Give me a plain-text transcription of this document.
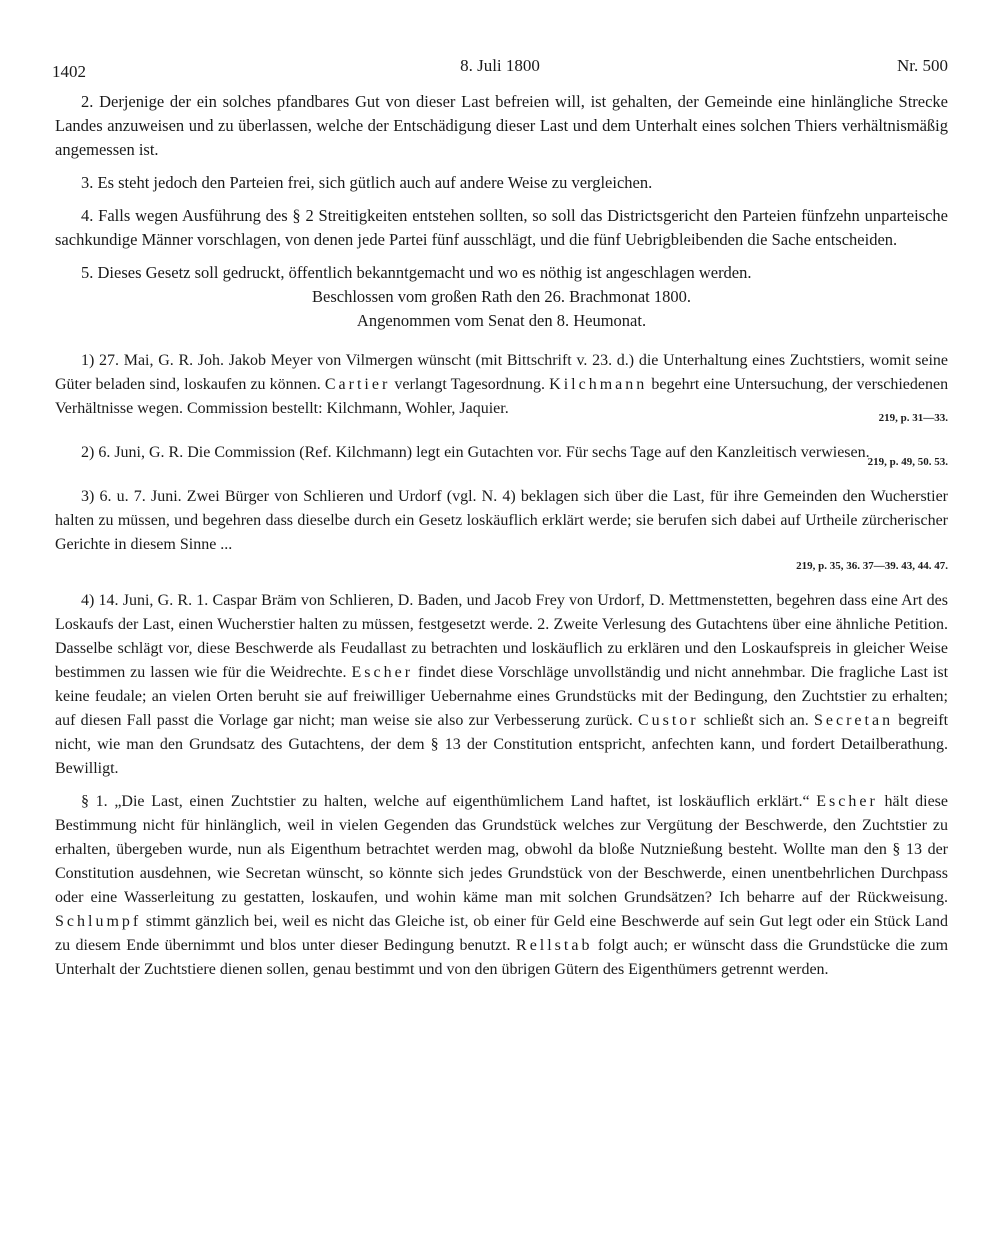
1402	8. Juli 1800	Nr. 500

2. Derjenige der ein solches pfandbares Gut von dieser Last befreien will, ist gehalten, der Gemeinde eine hinlängliche Strecke Landes anzuweisen und zu überlassen, welche der Entschädigung dieser Last und dem Unterhalt eines solchen Thiers verhältnismäßig angemessen ist.

3. Es steht jedoch den Parteien frei, sich gütlich auch auf andere Weise zu vergleichen.

4. Falls wegen Ausführung des § 2 Streitigkeiten entstehen sollten, so soll das Districtsgericht den Parteien fünfzehn unparteische sachkundige Männer vorschlagen, von denen jede Partei fünf ausschlägt, und die fünf Uebrigbleibenden die Sache entscheiden.

5. Dieses Gesetz soll gedruckt, öffentlich bekanntgemacht und wo es nöthig ist angeschlagen werden.

Beschlossen vom großen Rath den 26. Brachmonat 1800.

Angenommen vom Senat den 8. Heumonat.

1) 27. Mai, G. R. Joh. Jakob Meyer von Vilmergen wünscht (mit Bittschrift v. 23. d.) die Unterhaltung eines Zuchtstiers, womit seine Güter beladen sind, loskaufen zu können. Cartier verlangt Tagesordnung. Kilchmann begehrt eine Untersuchung, der verschiedenen Verhältnisse wegen. Commission bestellt: Kilchmann, Wohler, Jaquier.
219, p. 31—33.

2) 6. Juni, G. R. Die Commission (Ref. Kilchmann) legt ein Gutachten vor. Für sechs Tage auf den Kanzleitisch verwiesen.
219, p. 49, 50. 53.

3) 6. u. 7. Juni. Zwei Bürger von Schlieren und Urdorf (vgl. N. 4) beklagen sich über die Last, für ihre Gemeinden den Wucherstier halten zu müssen, und begehren dass dieselbe durch ein Gesetz loskäuflich erklärt werde; sie berufen sich dabei auf Urtheile zürcherischer Gerichte in diesem Sinne ...
219, p. 35, 36. 37—39. 43, 44. 47.

4) 14. Juni, G. R. 1. Caspar Bräm von Schlieren, D. Baden, und Jacob Frey von Urdorf, D. Mettmenstetten, begehren dass eine Art des Loskaufs der Last, einen Wucherstier halten zu müssen, festgesetzt werde. 2. Zweite Verlesung des Gutachtens über eine ähnliche Petition. Dasselbe schlägt vor, diese Beschwerde als Feudallast zu betrachten und loskäuflich zu erklären und den Loskaufspreis in gleicher Weise bestimmen zu lassen wie für die Weidrechte. Escher findet diese Vorschläge unvollständig und nicht annehmbar. Die fragliche Last ist keine feudale; an vielen Orten beruht sie auf freiwilliger Uebernahme eines Grundstücks mit der Bedingung, den Zuchtstier zu erhalten; auf diesen Fall passt die Vorlage gar nicht; man weise sie also zur Verbesserung zurück. Custor schließt sich an. Secretan begreift nicht, wie man den Grundsatz des Gutachtens, der dem § 13 der Constitution entspricht, anfechten kann, und fordert Detailberathung. Bewilligt.

§ 1. „Die Last, einen Zuchtstier zu halten, welche auf eigenthümlichem Land haftet, ist loskäuflich erklärt.“ Escher hält diese Bestimmung nicht für hinlänglich, weil in vielen Gegenden das Grundstück welches zur Vergütung der Beschwerde, den Zuchtstier zu erhalten, übergeben wurde, nun als Eigenthum betrachtet werden mag, obwohl da bloße Nutznießung besteht. Wollte man den § 13 der Constitution ausdehnen, wie Secretan wünscht, so könnte sich jedes Grundstück von der Beschwerde, einen unentbehrlichen Durchpass oder eine Wasserleitung zu gestatten, loskaufen, und wohin käme man mit solchen Grundsätzen? Ich beharre auf der Rückweisung. Schlumpf stimmt gänzlich bei, weil es nicht das Gleiche ist, ob einer für Geld eine Beschwerde auf sein Gut legt oder ein Stück Land zu diesem Ende übernimmt und blos unter dieser Bedingung benutzt. Rellstab folgt auch; er wünscht dass die Grundstücke die zum Unterhalt der Zuchtstiere dienen sollen, genau bestimmt und von den übrigen Gütern des Eigenthümers getrennt werden.
